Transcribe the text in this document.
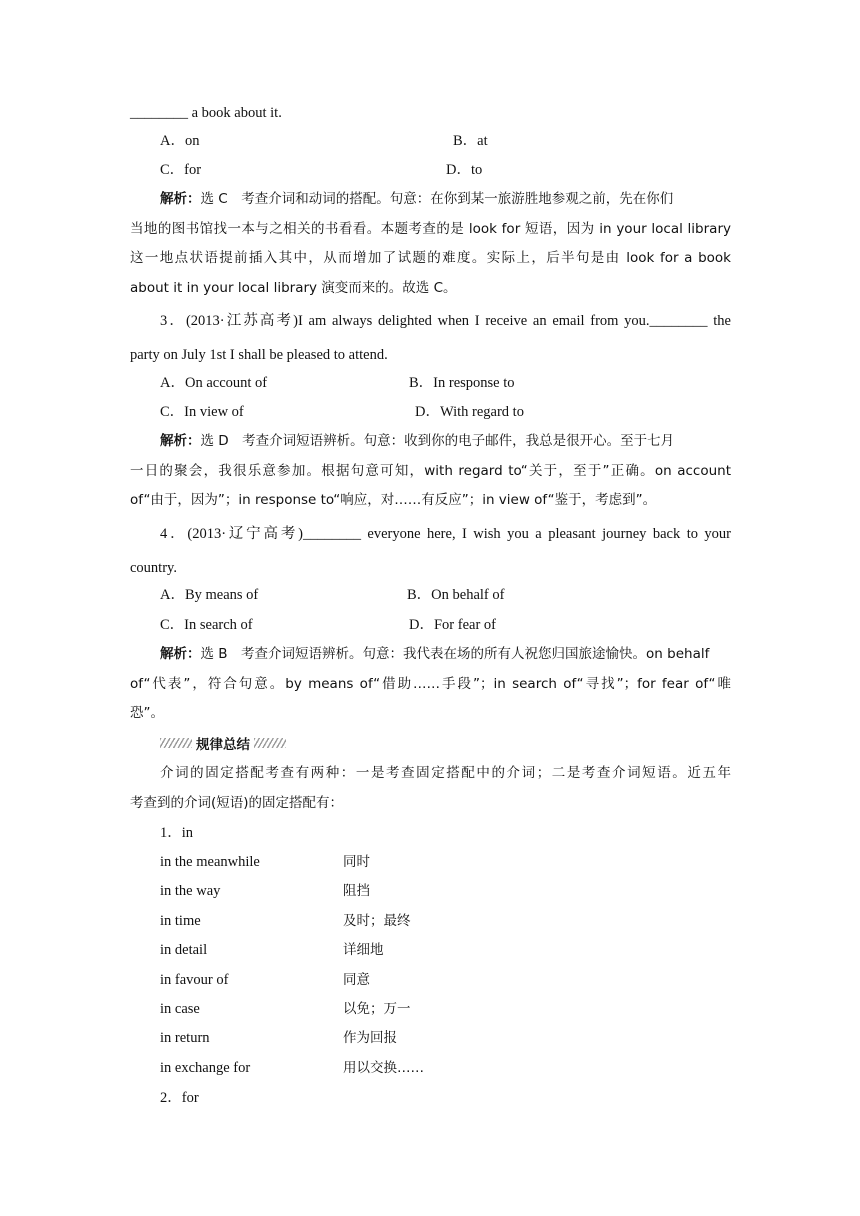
________ a book about it.
A．on	B．at
C．for	D．to
解析：选 C　考查介词和动词的搭配。句意：在你到某一旅游胜地参观之前，先在你们
当地的图书馆找一本与之相关的书看看。本题考查的是 look for 短语，因为 in your local library
这一地点状语提前插入其中，从而增加了试题的难度。实际上，后半句是由 look for a book
about it in your local library 演变而来的。故选 C。
3．(2013·江苏高考)I am always delighted when I receive an email from you.________ the
party on July 1st I shall be pleased to attend.
A．On account of	B．In response to
C．In view of	D．With regard to
解析：选 D　考查介词短语辨析。句意：收到你的电子邮件，我总是很开心。至于七月
一日的聚会，我很乐意参加。根据句意可知，with regard to“关于，至于”正确。on account
of“由于，因为”；in response to“响应，对……有反应”；in view of“鉴于，考虑到”。
4．(2013·辽宁高考)________ everyone here, I wish you a pleasant journey back to your
country.
A．By means of	B．On behalf of
C．In search of	D．For fear of
解析：选 B　考查介词短语辨析。句意：我代表在场的所有人祝您归国旅途愉快。on behalf
of“代表”，符合句意。by means of“借助……手段”；in search of“寻找”；for fear of“唯
恐”。
规律总结
介词的固定搭配考查有两种：一是考查固定搭配中的介词；二是考查介词短语。近五年
考查到的介词(短语)的固定搭配有：
1．in
in the meanwhile	同时
in the way	阻挡
in time	及时；最终
in detail	详细地
in favour of	同意
in case	以免；万一
in return	作为回报
in exchange for	用以交换……
2．for
